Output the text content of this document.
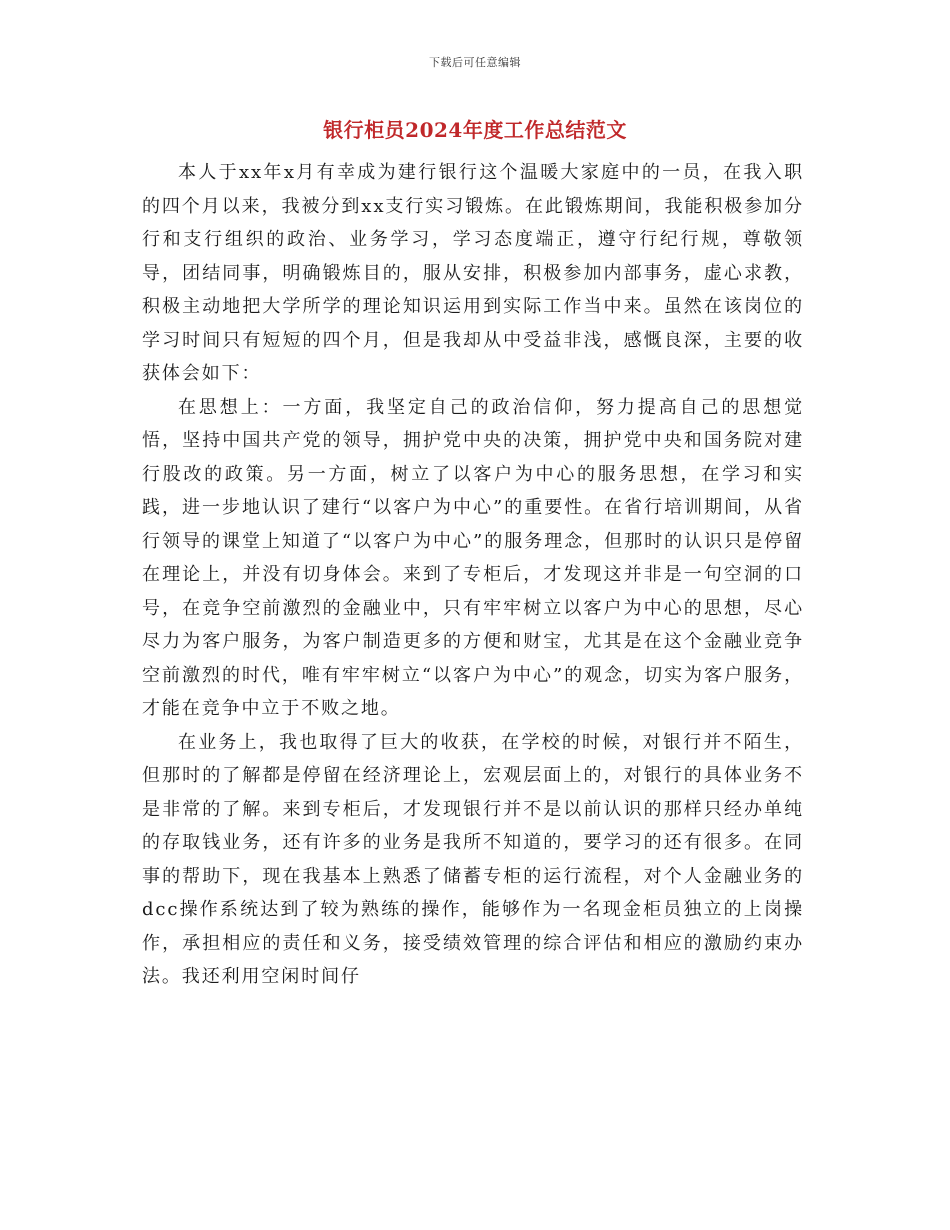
下载后可任意编辑
银行柜员2024年度工作总结范文

本人于xx年x月有幸成为建行银行这个温暖大家庭中的一员，在我入职的四个月以来，我被分到xx支行实习锻炼。在此锻炼期间，我能积极参加分行和支行组织的政治、业务学习，学习态度端正，遵守行纪行规，尊敬领导，团结同事，明确锻炼目的，服从安排，积极参加内部事务，虚心求教，积极主动地把大学所学的理论知识运用到实际工作当中来。虽然在该岗位的学习时间只有短短的四个月，但是我却从中受益非浅，感慨良深，主要的收获体会如下：

在思想上：一方面，我坚定自己的政治信仰，努力提高自己的思想觉悟，坚持中国共产党的领导，拥护党中央的决策，拥护党中央和国务院对建行股改的政策。另一方面，树立了以客户为中心的服务思想，在学习和实践，进一步地认识了建行“以客户为中心”的重要性。在省行培训期间，从省行领导的课堂上知道了“以客户为中心”的服务理念，但那时的认识只是停留在理论上，并没有切身体会。来到了专柜后，才发现这并非是一句空洞的口号，在竞争空前激烈的金融业中，只有牢牢树立以客户为中心的思想，尽心尽力为客户服务，为客户制造更多的方便和财宝，尤其是在这个金融业竞争空前激烈的时代，唯有牢牢树立“以客户为中心”的观念，切实为客户服务，才能在竞争中立于不败之地。

在业务上，我也取得了巨大的收获，在学校的时候，对银行并不陌生，但那时的了解都是停留在经济理论上，宏观层面上的，对银行的具体业务不是非常的了解。来到专柜后，才发现银行并不是以前认识的那样只经办单纯的存取钱业务，还有许多的业务是我所不知道的，要学习的还有很多。在同事的帮助下，现在我基本上熟悉了储蓄专柜的运行流程，对个人金融业务的dcc操作系统达到了较为熟练的操作，能够作为一名现金柜员独立的上岗操作，承担相应的责任和义务，接受绩效管理的综合评估和相应的激励约束办法。我还利用空闲时间仔
